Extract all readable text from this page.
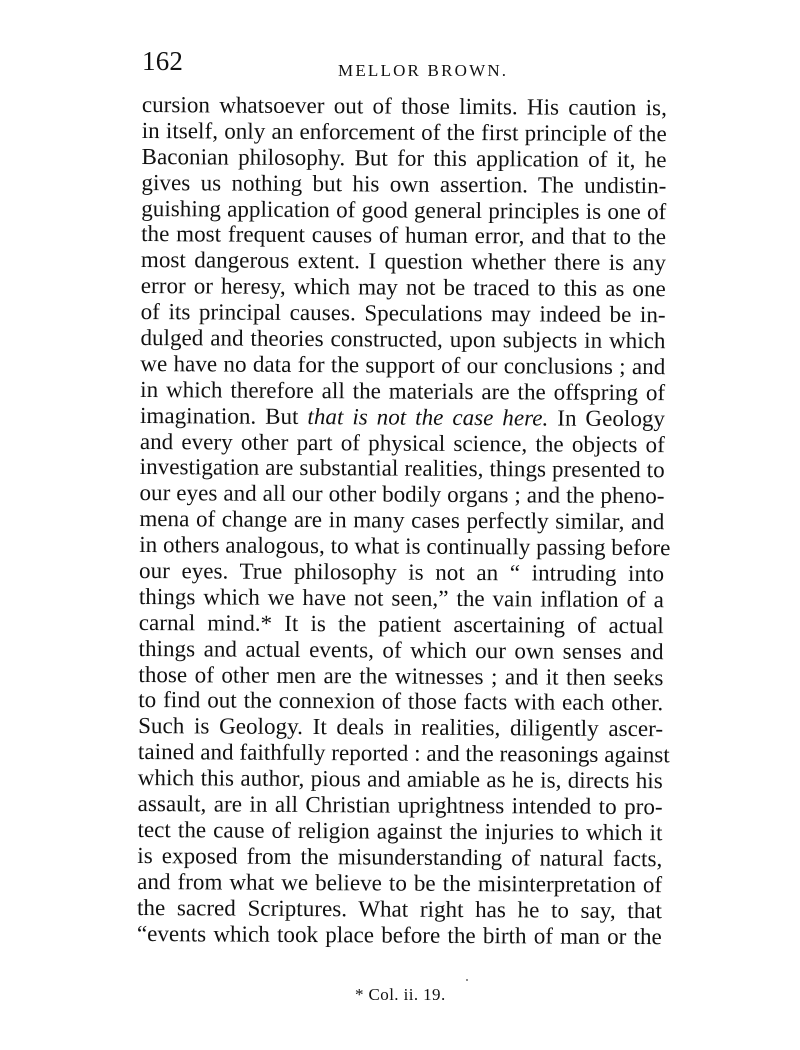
162	MELLOR BROWN.
cursion whatsoever out of those limits. His caution is,
in itself, only an enforcement of the first principle of the
Baconian philosophy. But for this application of it, he
gives us nothing but his own assertion. The undistin-
guishing application of good general principles is one of
the most frequent causes of human error, and that to the
most dangerous extent. I question whether there is any
error or heresy, which may not be traced to this as one
of its principal causes. Speculations may indeed be in-
dulged and theories constructed, upon subjects in which
we have no data for the support of our conclusions ; and
in which therefore all the materials are the offspring of
imagination. But that is not the case here. In Geology
and every other part of physical science, the objects of
investigation are substantial realities, things presented to
our eyes and all our other bodily organs ; and the pheno-
mena of change are in many cases perfectly similar, and
in others analogous, to what is continually passing before
our eyes. True philosophy is not an “ intruding into
things which we have not seen,” the vain inflation of a
carnal mind.* It is the patient ascertaining of actual
things and actual events, of which our own senses and
those of other men are the witnesses ; and it then seeks
to find out the connexion of those facts with each other.
Such is Geology. It deals in realities, diligently ascer-
tained and faithfully reported : and the reasonings against
which this author, pious and amiable as he is, directs his
assault, are in all Christian uprightness intended to pro-
tect the cause of religion against the injuries to which it
is exposed from the misunderstanding of natural facts,
and from what we believe to be the misinterpretation of
the sacred Scriptures. What right has he to say, that
“events which took place before the birth of man or the
* Col. ii. 19.
